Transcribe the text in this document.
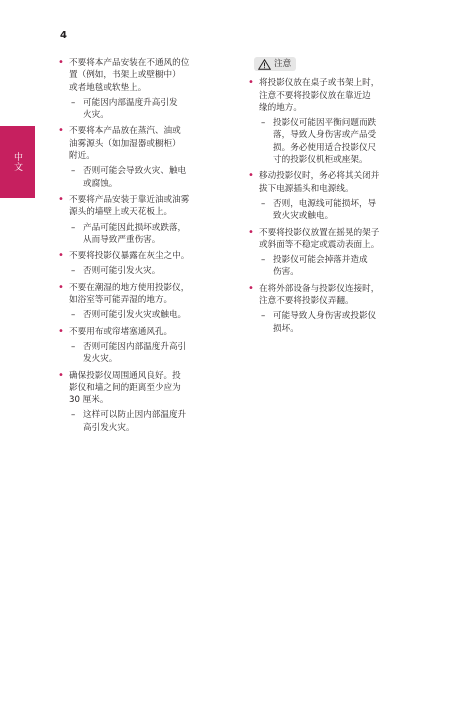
4
中文
• 不要将本产品安装在不通风的位
置（例如，书架上或壁橱中）
或者地毯或软垫上。
– 可能因内部温度升高引发
火灾。
• 不要将本产品放在蒸汽、油或
油雾源头（如加湿器或橱柜）
附近。
– 否则可能会导致火灾、触电
或腐蚀。
• 不要将产品安装于靠近油或油雾
源头的墙壁上或天花板上。
– 产品可能因此损坏或跌落，
从而导致严重伤害。
• 不要将投影仪暴露在灰尘之中。
– 否则可能引发火灾。
• 不要在潮湿的地方使用投影仪，
如浴室等可能弄湿的地方。
– 否则可能引发火灾或触电。
• 不要用布或帘堵塞通风孔。
– 否则可能因内部温度升高引
发火灾。
• 确保投影仪周围通风良好。投
影仪和墙之间的距离至少应为
30 厘米。
– 这样可以防止因内部温度升
高引发火灾。
注意
• 将投影仪放在桌子或书架上时，
注意不要将投影仪放在靠近边
缘的地方。
– 投影仪可能因平衡问题而跌
落，导致人身伤害或产品受
损。务必使用适合投影仪尺
寸的投影仪机柜或座架。
• 移动投影仪时，务必将其关闭并
拔下电源插头和电源线。
– 否则，电源线可能损坏，导
致火灾或触电。
• 不要将投影仪放置在摇晃的架子
或斜面等不稳定或震动表面上。
– 投影仪可能会掉落并造成
伤害。
• 在将外部设备与投影仪连接时，
注意不要将投影仪弄翻。
– 可能导致人身伤害或投影仪
损坏。
